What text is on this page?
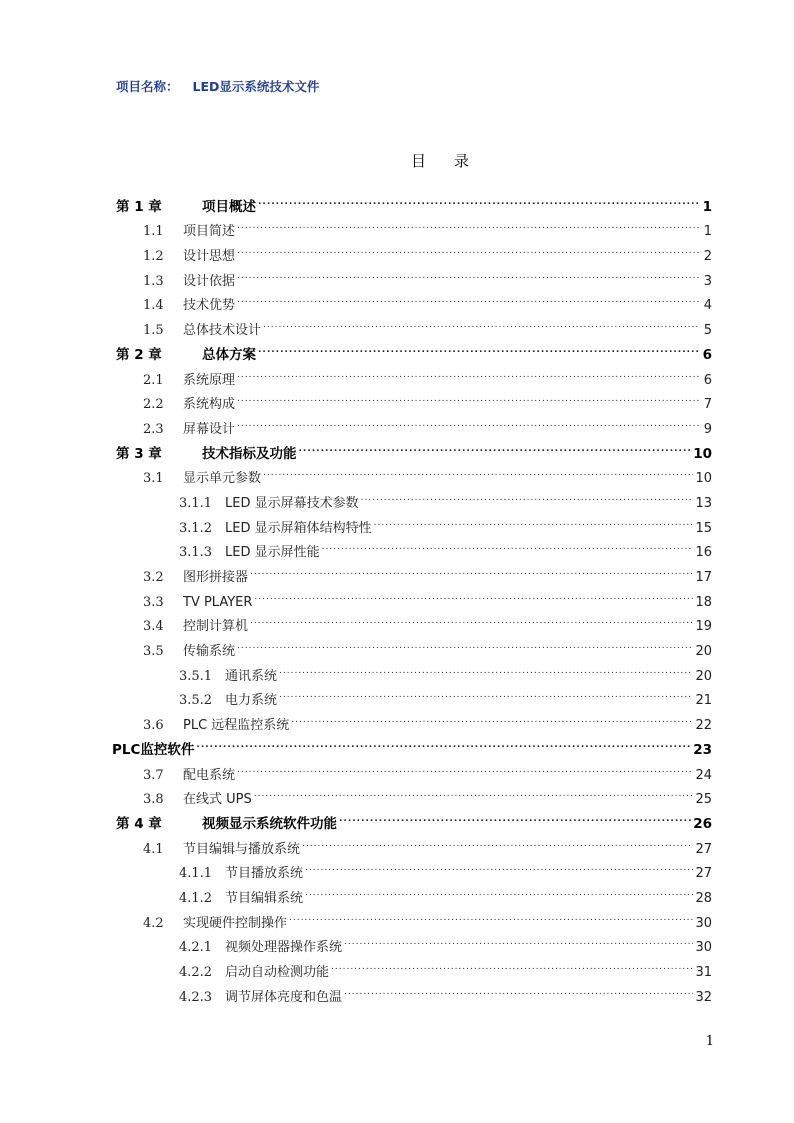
项目名称： LED显示系统技术文件
目 录
第 1 章	项目概述 .....	1
1.1	项目简述 .....	1
1.2	设计思想 .....	2
1.3	设计依据 .....	3
1.4	技术优势 .....	4
1.5	总体技术设计 .....	5
第 2 章	总体方案 .....	6
2.1	系统原理 .....	6
2.2	系统构成 .....	7
2.3	屏幕设计 .....	9
第 3 章	技术指标及功能 .....	10
3.1	显示单元参数 .....	10
3.1.1 LED 显示屏幕技术参数 .....	13
3.1.2 LED 显示屏箱体结构特性 .....	15
3.1.3 LED 显示屏性能 .....	16
3.2	图形拼接器 .....	17
3.3	TV PLAYER .....	18
3.4	控制计算机 .....	19
3.5	传输系统 .....	20
3.5.1 通讯系统 .....	20
3.5.2 电力系统 .....	21
3.6	PLC 远程监控系统 .....	22
PLC监控软件 .....	23
3.7	配电系统 .....	24
3.8	在线式 UPS .....	25
第 4 章	视频显示系统软件功能 .....	26
4.1	节目编辑与播放系统 .....	27
4.1.1 节目播放系统 .....	27
4.1.2 节目编辑系统 .....	28
4.2	实现硬件控制操作 .....	30
4.2.1 视频处理器操作系统 .....	30
4.2.2 启动自动检测功能 .....	31
4.2.3 调节屏体亮度和色温 .....	32
1
